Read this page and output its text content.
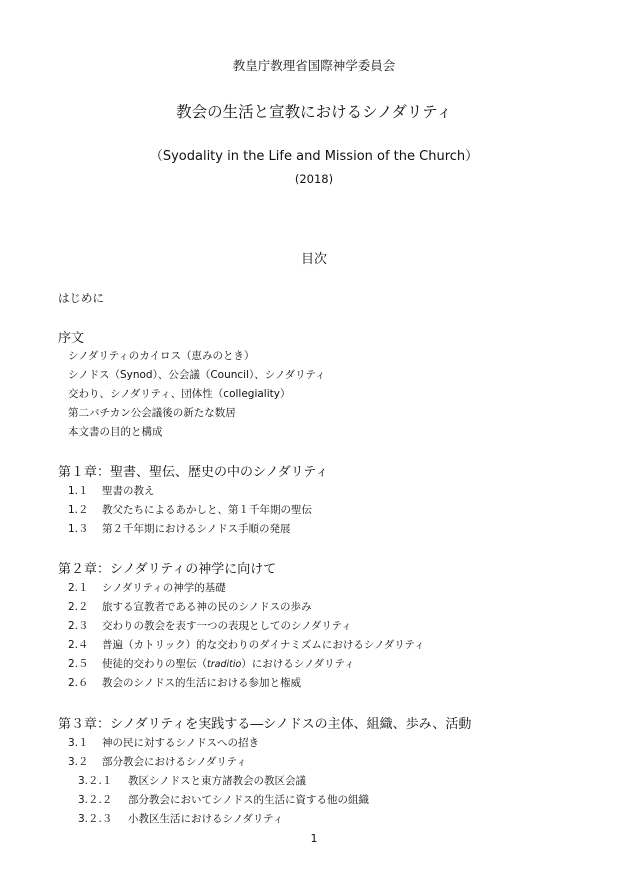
教皇庁教理省国際神学委員会
教会の生活と宣教におけるシノダリティ
（Syodality in the Life and Mission of the Church）
(2018)
目次
はじめに
序文
シノダリティのカイロス（恵みのとき）
シノドス（Synod）、公会議（Council）、シノダリティ
交わり、シノダリティ、団体性（collegiality）
第二バチカン公会議後の新たな数居
本文書の目的と構成
第１章：聖書、聖伝、歴史の中のシノダリティ
1.１ 聖書の教え
1.２ 教父たちによるあかしと、第１千年期の聖伝
1.３ 第２千年期におけるシノドス手順の発展
第２章：シノダリティの神学に向けて
2.１ シノダリティの神学的基礎
2.２ 旅する宣教者である神の民のシノドスの歩み
2.３ 交わりの教会を表す一つの表現としてのシノダリティ
2.４ 普遍（カトリック）的な交わりのダイナミズムにおけるシノダリティ
2.５ 使徒的交わりの聖伝（traditio）におけるシノダリティ
2.６ 教会のシノドス的生活における参加と権威
第３章：シノダリティを実践する―シノドスの主体、組織、歩み、活動
3.１ 神の民に対するシノドスへの招き
3.２ 部分教会におけるシノダリティ
3.２.１ 教区シノドスと東方諸教会の教区会議
3.２.２ 部分教会においてシノドス的生活に資する他の組織
3.２.３ 小教区生活におけるシノダリティ
1
